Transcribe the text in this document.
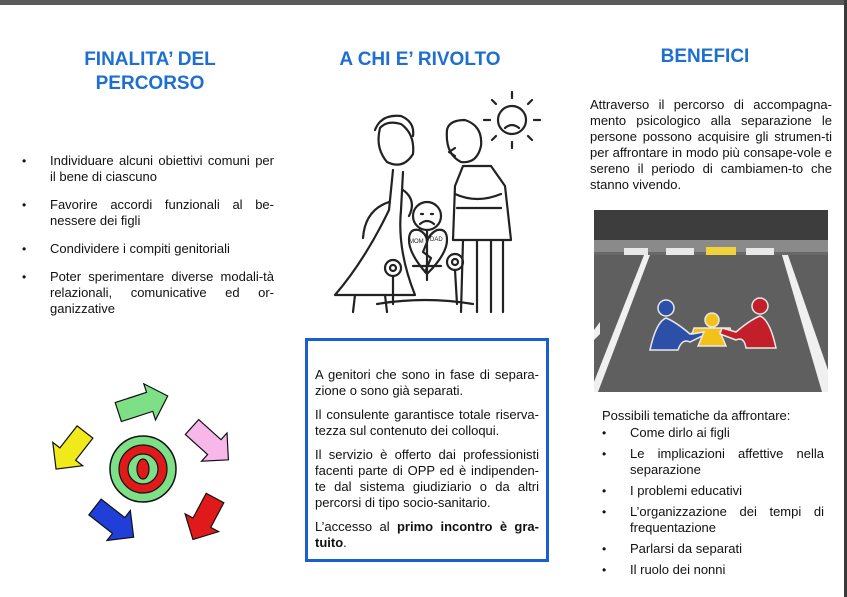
FINALITA’ DEL
PERCORSO
• Individuare alcuni obiettivi comuni per il bene di ciascuno
• Favorire accordi funzionali al be-nessere dei figli
• Condividere i compiti genitoriali
• Poter sperimentare diverse modali-tà relazionali, comunicative ed or-ganizzative
A CHI E’ RIVOLTO
MOM DAD

A genitori che sono in fase di separa-zione o sono già separati.

Il consulente garantisce totale riserva-tezza sul contenuto dei colloqui.

Il servizio è offerto dai professionisti facenti parte di OPP ed è indipenden-te dal sistema giudiziario o da altri percorsi di tipo socio-sanitario.

L’accesso al primo incontro è gra-tuito.

BENEFICI

Attraverso il percorso di accompagna-mento psicologico alla separazione le persone possono acquisire gli strumen-ti per affrontare in modo più consape-vole e sereno il periodo di cambiamen-to che stanno vivendo.

Possibili tematiche da affrontare:

• Come dirlo ai figli
• Le implicazioni affettive nella separazione
• I problemi educativi
• L’organizzazione dei tempi di frequentazione
• Parlarsi da separati
• Il ruolo dei nonni
